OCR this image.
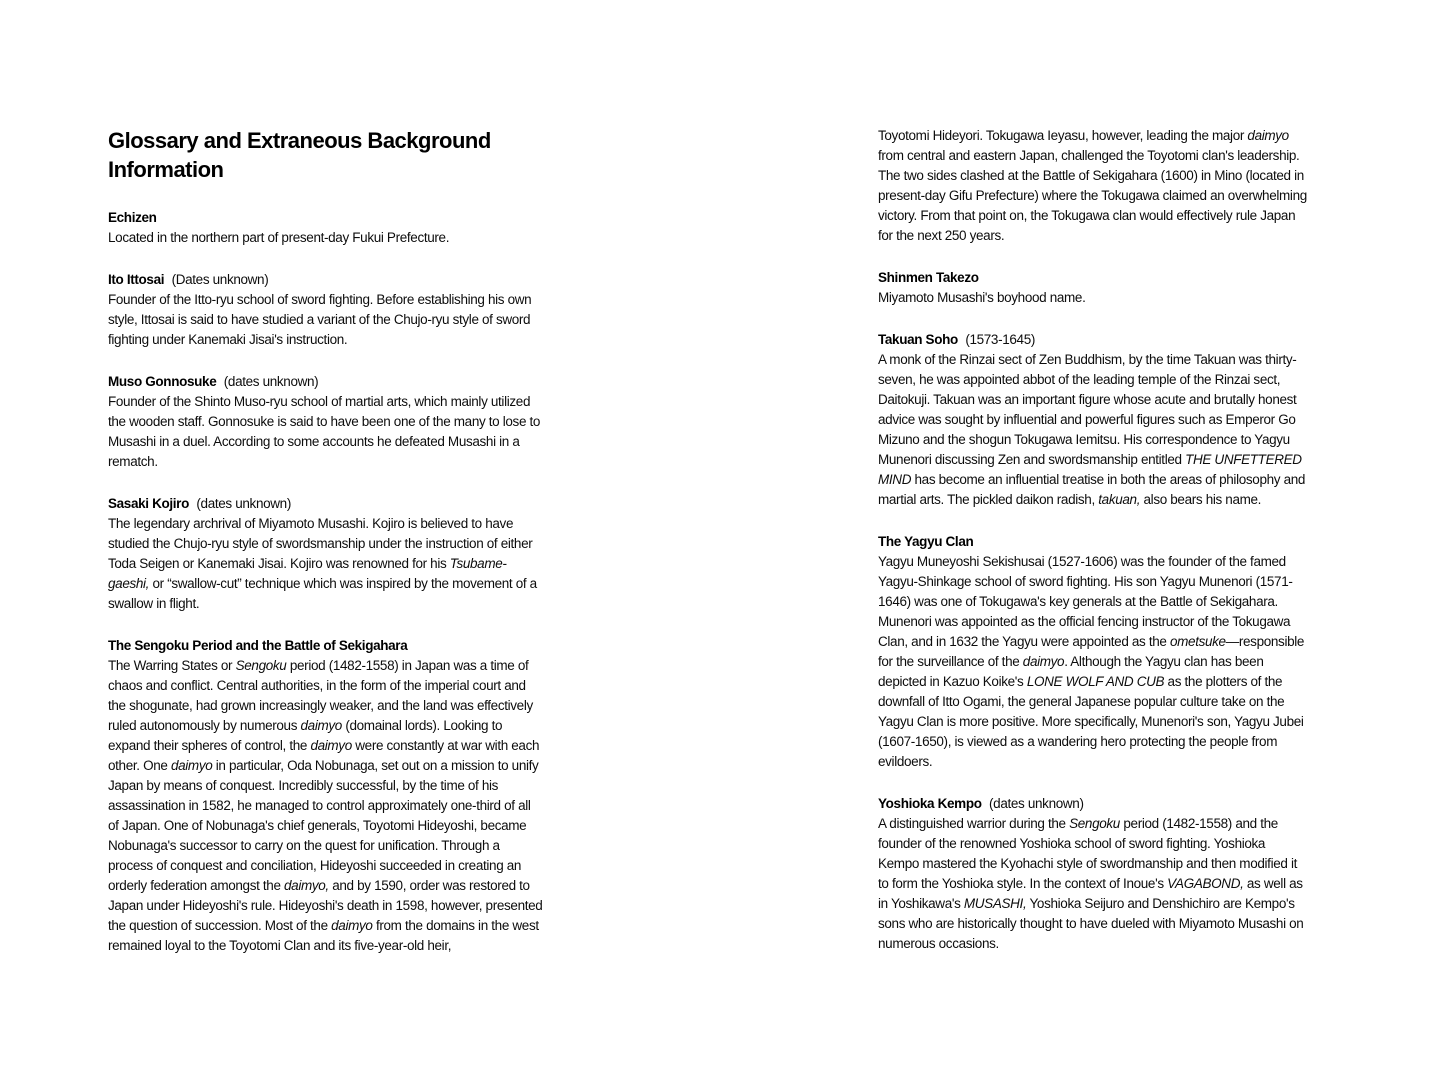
Glossary and Extraneous Background
Information
Echizen

Located in the northern part of present-day Fukui Prefecture.

Ito Ittosai (Dates unknown)

Founder of the Itto-ryu school of sword fighting. Before establishing his own style, Ittosai is said to have studied a variant of the Chujo-ryu style of sword fighting under Kanemaki Jisai's instruction.

Muso Gonnosuke (dates unknown)

Founder of the Shinto Muso-ryu school of martial arts, which mainly utilized the wooden staff. Gonnosuke is said to have been one of the many to lose to Musashi in a duel. According to some accounts he defeated Musashi in a rematch.

Sasaki Kojiro (dates unknown)

The legendary archrival of Miyamoto Musashi. Kojiro is believed to have studied the Chujo-ryu style of swordsmanship under the instruction of either Toda Seigen or Kanemaki Jisai. Kojiro was renowned for his Tsubame-gaeshi, or “swallow-cut” technique which was inspired by the movement of a swallow in flight.

The Sengoku Period and the Battle of Sekigahara

The Warring States or Sengoku period (1482-1558) in Japan was a time of chaos and conflict. Central authorities, in the form of the imperial court and the shogunate, had grown increasingly weaker, and the land was effectively ruled autonomously by numerous daimyo (domainal lords). Looking to expand their spheres of control, the daimyo were constantly at war with each other. One daimyo in particular, Oda Nobunaga, set out on a mission to unify Japan by means of conquest. Incredibly successful, by the time of his assassination in 1582, he managed to control approximately one-third of all of Japan. One of Nobunaga's chief generals, Toyotomi Hideyoshi, became Nobunaga's successor to carry on the quest for unification. Through a process of conquest and conciliation, Hideyoshi succeeded in creating an orderly federation amongst the daimyo, and by 1590, order was restored to Japan under Hideyoshi's rule. Hideyoshi's death in 1598, however, presented the question of succession. Most of the daimyo from the domains in the west remained loyal to the Toyotomi Clan and its five-year-old heir,

Toyotomi Hideyori. Tokugawa Ieyasu, however, leading the major daimyo from central and eastern Japan, challenged the Toyotomi clan's leadership. The two sides clashed at the Battle of Sekigahara (1600) in Mino (located in present-day Gifu Prefecture) where the Tokugawa claimed an overwhelming victory. From that point on, the Tokugawa clan would effectively rule Japan for the next 250 years.

Shinmen Takezo

Miyamoto Musashi's boyhood name.

Takuan Soho (1573-1645)

A monk of the Rinzai sect of Zen Buddhism, by the time Takuan was thirty-seven, he was appointed abbot of the leading temple of the Rinzai sect, Daitokuji. Takuan was an important figure whose acute and brutally honest advice was sought by influential and powerful figures such as Emperor Go Mizuno and the shogun Tokugawa Iemitsu. His correspondence to Yagyu Munenori discussing Zen and swordsmanship entitled THE UNFETTERED MIND has become an influential treatise in both the areas of philosophy and martial arts. The pickled daikon radish, takuan, also bears his name.

The Yagyu Clan

Yagyu Muneyoshi Sekishusai (1527-1606) was the founder of the famed Yagyu-Shinkage school of sword fighting. His son Yagyu Munenori (1571-1646) was one of Tokugawa's key generals at the Battle of Sekigahara. Munenori was appointed as the official fencing instructor of the Tokugawa Clan, and in 1632 the Yagyu were appointed as the ometsuke—responsible for the surveillance of the daimyo. Although the Yagyu clan has been depicted in Kazuo Koike's LONE WOLF AND CUB as the plotters of the downfall of Itto Ogami, the general Japanese popular culture take on the Yagyu Clan is more positive. More specifically, Munenori's son, Yagyu Jubei (1607-1650), is viewed as a wandering hero protecting the people from evildoers.

Yoshioka Kempo (dates unknown)

A distinguished warrior during the Sengoku period (1482-1558) and the founder of the renowned Yoshioka school of sword fighting. Yoshioka Kempo mastered the Kyohachi style of swordmanship and then modified it to form the Yoshioka style. In the context of Inoue's VAGABOND, as well as in Yoshikawa's MUSASHI, Yoshioka Seijuro and Denshichiro are Kempo's sons who are historically thought to have dueled with Miyamoto Musashi on numerous occasions.
